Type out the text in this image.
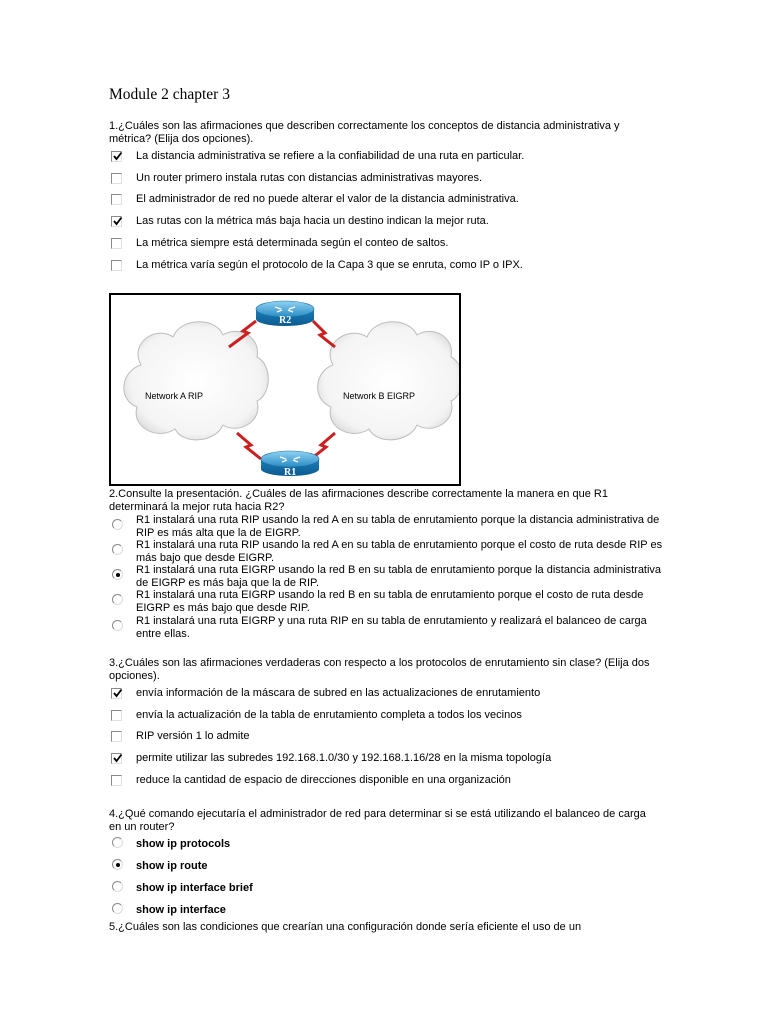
Module 2 chapter 3
1.¿Cuáles son las afirmaciones que describen correctamente los conceptos de distancia administrativa y métrica? (Elija dos opciones).
La distancia administrativa se refiere a la confiabilidad de una ruta en particular.
Un router primero instala rutas con distancias administrativas mayores.
El administrador de red no puede alterar el valor de la distancia administrativa.
Las rutas con la métrica más baja hacia un destino indican la mejor ruta.
La métrica siempre está determinada según el conteo de saltos.
La métrica varía según el protocolo de la Capa 3 que se enruta, como IP o IPX.
Network A RIP	Network B EIGRP
R2
R1
2.Consulte la presentación. ¿Cuáles de las afirmaciones describe correctamente la manera en que R1 determinará la mejor ruta hacia R2?
R1 instalará una ruta RIP usando la red A en su tabla de enrutamiento porque la distancia administrativa de RIP es más alta que la de EIGRP.
R1 instalará una ruta RIP usando la red A en su tabla de enrutamiento porque el costo de ruta desde RIP es más bajo que desde EIGRP.
R1 instalará una ruta EIGRP usando la red B en su tabla de enrutamiento porque la distancia administrativa de EIGRP es más baja que la de RIP.
R1 instalará una ruta EIGRP usando la red B en su tabla de enrutamiento porque el costo de ruta desde EIGRP es más bajo que desde RIP.
R1 instalará una ruta EIGRP y una ruta RIP en su tabla de enrutamiento y realizará el balanceo de carga entre ellas.
3.¿Cuáles son las afirmaciones verdaderas con respecto a los protocolos de enrutamiento sin clase? (Elija dos opciones).
envía información de la máscara de subred en las actualizaciones de enrutamiento
envía la actualización de la tabla de enrutamiento completa a todos los vecinos
RIP versión 1 lo admite
permite utilizar las subredes 192.168.1.0/30 y 192.168.1.16/28 en la misma topología
reduce la cantidad de espacio de direcciones disponible en una organización
4.¿Qué comando ejecutaría el administrador de red para determinar si se está utilizando el balanceo de carga en un router?
show ip protocols
show ip route
show ip interface brief
show ip interface
5.¿Cuáles son las condiciones que crearían una configuración donde sería eficiente el uso de un
